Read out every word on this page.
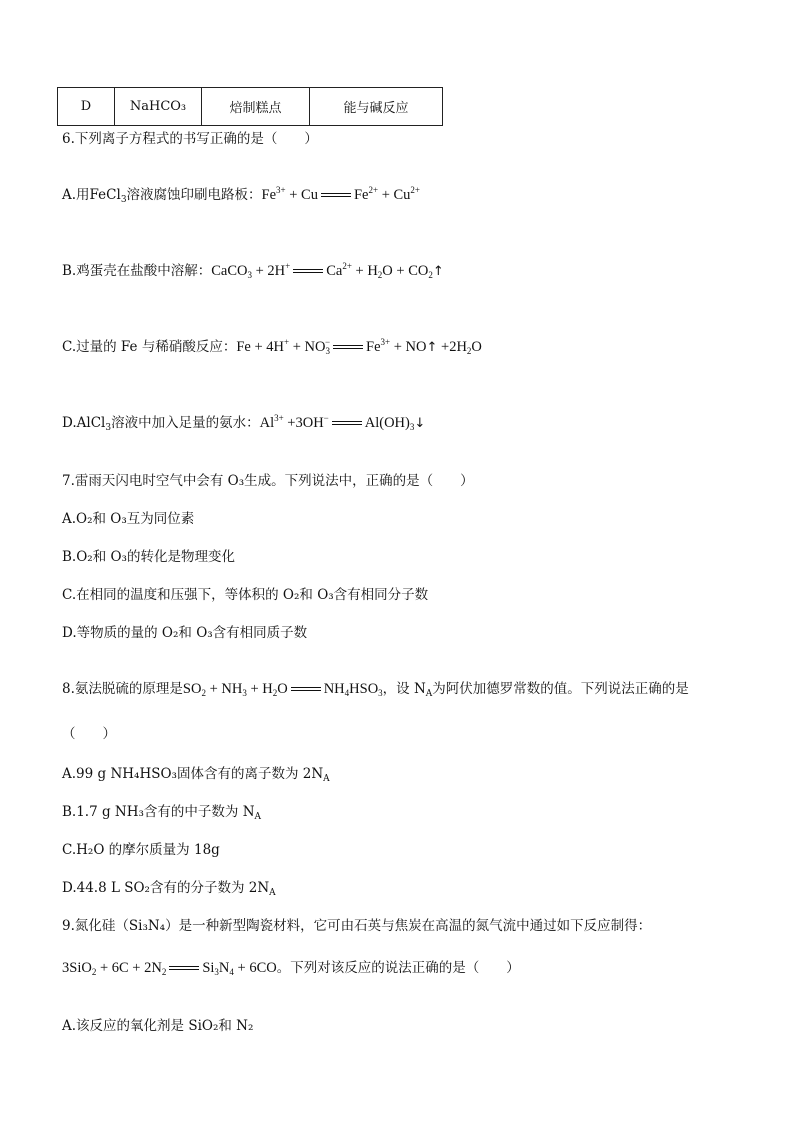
D	NaHCO₃	焙制糕点	能与碱反应
6.下列离子方程式的书写正确的是（　　）
A.用FeCl$_3$溶液腐蚀印刷电路板：$Fe^{3+} + Cu$ $Fe^{2+} + Cu^{2+}$
B.鸡蛋壳在盐酸中溶解：CaCO$_3$ + 2H+ $Ca^{2+} + H_2O$ + $CO_2↑$
C.过量的 Fe 与稀硝酸反应：$Fe + 4H^+ + NO_3^-$ $Fe^{3+}$ + NO↑ $+2H_2O$
D.AlCl$_3$溶液中加入足量的氨水：$Al^{3+} +3OH^-$ $Al(OH)_3↓$
7.雷雨天闪电时空气中会有 O₃生成。下列说法中，正确的是（　　）
A.O₂和 O₃互为同位素
B.O₂和 O₃的转化是物理变化
C.在相同的温度和压强下，等体积的 O₂和 O₃含有相同分子数
D.等物质的量的 O₂和 O₃含有相同质子数
8.氨法脱硫的原理是$SO_2 + NH_3 + H_2O$ $NH_4HSO_3$，设 $N_A$为阿伏加德罗常数的值。下列说法正确的是
（　　）
A.99 g NH₄HSO₃固体含有的离子数为 $2N_A$
B.1.7 g NH₃含有的中子数为 $N_A$
C.H₂O 的摩尔质量为 18g
D.44.8 L SO₂含有的分子数为 $2N_A$
9.氮化硅（Si₃N₄）是一种新型陶瓷材料，它可由石英与焦炭在高温的氮气流中通过如下反应制得：
$3SiO_2 + 6C + 2N_2$ $Si_3N_4 + 6CO$。下列对该反应的说法正确的是（　　）
A.该反应的氧化剂是 SiO₂和 N₂
